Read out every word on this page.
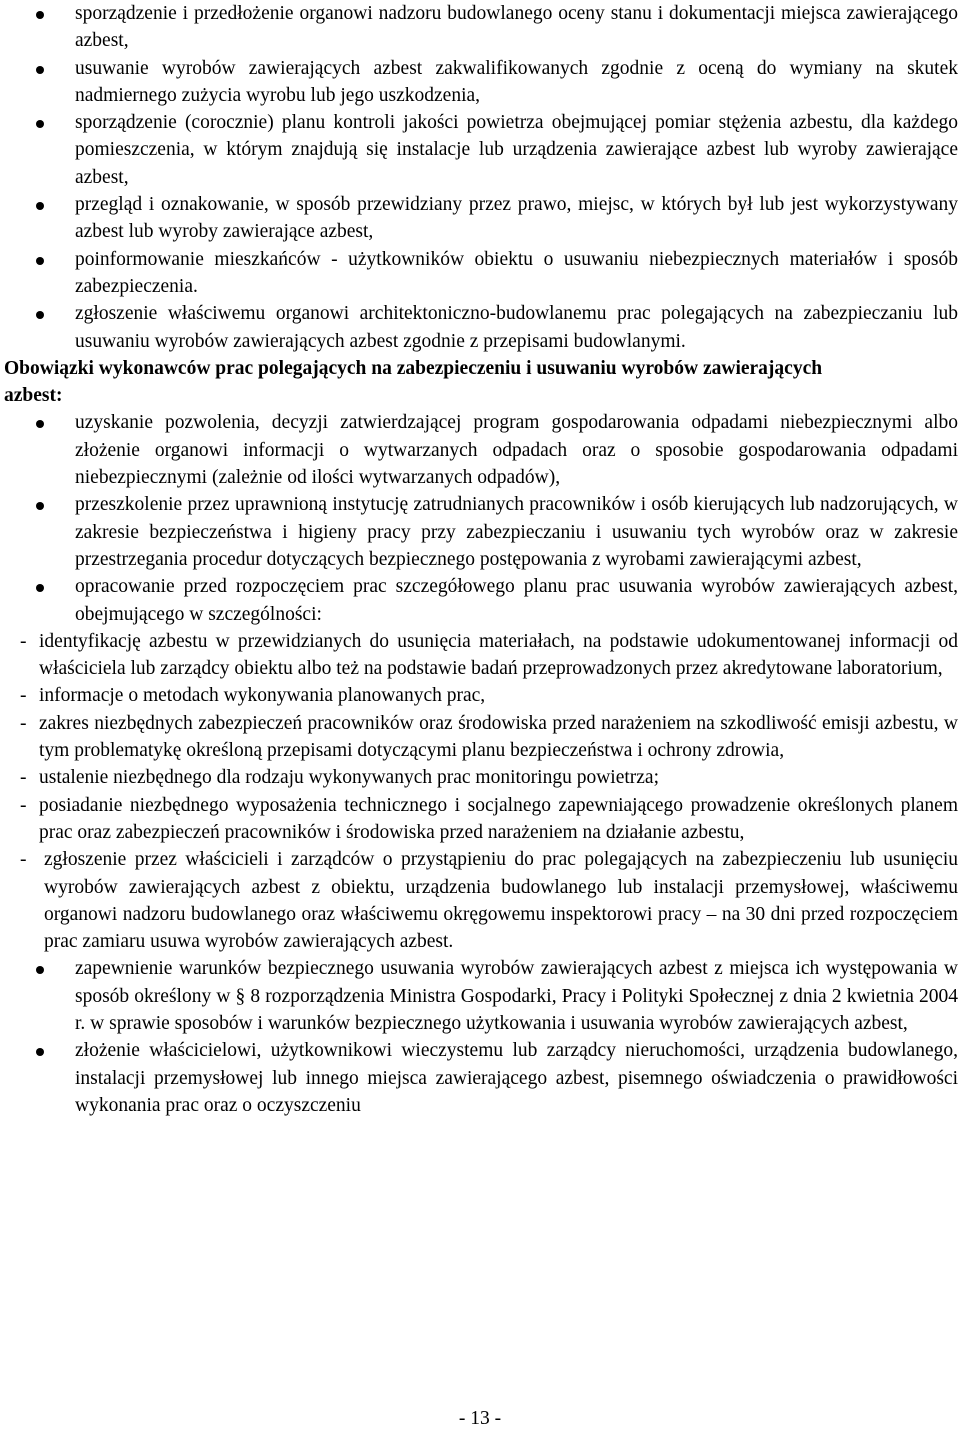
sporządzenie i przedłożenie organowi nadzoru budowlanego oceny stanu i dokumentacji miejsca zawierającego azbest,
usuwanie wyrobów zawierających azbest zakwalifikowanych zgodnie z oceną do wymiany na skutek nadmiernego zużycia wyrobu lub jego uszkodzenia,
sporządzenie (corocznie) planu kontroli jakości powietrza obejmującej pomiar stężenia azbestu, dla każdego pomieszczenia, w którym znajdują się instalacje lub urządzenia zawierające azbest lub wyroby zawierające azbest,
przegląd i oznakowanie, w sposób przewidziany przez prawo, miejsc, w których był lub jest wykorzystywany azbest lub wyroby zawierające azbest,
poinformowanie mieszkańców - użytkowników obiektu o usuwaniu niebezpiecznych materiałów i sposób zabezpieczenia.
zgłoszenie właściwemu organowi architektoniczno-budowlanemu prac polegających na zabezpieczaniu lub usuwaniu wyrobów zawierających azbest zgodnie z przepisami budowlanymi.

Obowiązki wykonawców prac polegających na zabezpieczeniu i usuwaniu wyrobów zawierających azbest:

uzyskanie pozwolenia, decyzji zatwierdzającej program gospodarowania odpadami niebezpiecznymi albo złożenie organowi informacji o wytwarzanych odpadach oraz o sposobie gospodarowania odpadami niebezpiecznymi (zależnie od ilości wytwarzanych odpadów),
przeszkolenie przez uprawnioną instytucję zatrudnianych pracowników i osób kierujących lub nadzorujących, w zakresie bezpieczeństwa i higieny pracy przy zabezpieczaniu i usuwaniu tych wyrobów oraz w zakresie przestrzegania procedur dotyczących bezpiecznego postępowania z wyrobami zawierającymi azbest,
opracowanie przed rozpoczęciem prac szczegółowego planu prac usuwania wyrobów zawierających azbest, obejmującego w szczególności:
- identyfikację azbestu w przewidzianych do usunięcia materiałach, na podstawie udokumentowanej informacji od właściciela lub zarządcy obiektu albo też na podstawie badań przeprowadzonych przez akredytowane laboratorium,
- informacje o metodach wykonywania planowanych prac,
- zakres niezbędnych zabezpieczeń pracowników oraz środowiska przed narażeniem na szkodliwość emisji azbestu, w tym problematykę określoną przepisami dotyczącymi planu bezpieczeństwa i ochrony zdrowia,
- ustalenie niezbędnego dla rodzaju wykonywanych prac monitoringu powietrza;
- posiadanie niezbędnego wyposażenia technicznego i socjalnego zapewniającego prowadzenie określonych planem prac oraz zabezpieczeń pracowników i środowiska przed narażeniem na działanie azbestu,
- zgłoszenie przez właścicieli i zarządców o przystąpieniu do prac polegających na zabezpieczeniu lub usunięciu wyrobów zawierających azbest z obiektu, urządzenia budowlanego lub instalacji przemysłowej, właściwemu organowi nadzoru budowlanego oraz właściwemu okręgowemu inspektorowi pracy – na 30 dni przed rozpoczęciem prac zamiaru usuwa wyrobów zawierających azbest.
zapewnienie warunków bezpiecznego usuwania wyrobów zawierających azbest z miejsca ich występowania w sposób określony w § 8 rozporządzenia Ministra Gospodarki, Pracy i Polityki Społecznej z dnia 2 kwietnia 2004 r. w sprawie sposobów i warunków bezpiecznego użytkowania i usuwania wyrobów zawierających azbest,
złożenie właścicielowi, użytkownikowi wieczystemu lub zarządcy nieruchomości, urządzenia budowlanego, instalacji przemysłowej lub innego miejsca zawierającego azbest, pisemnego oświadczenia o prawidłowości wykonania prac oraz o oczyszczeniu
- 13 -
